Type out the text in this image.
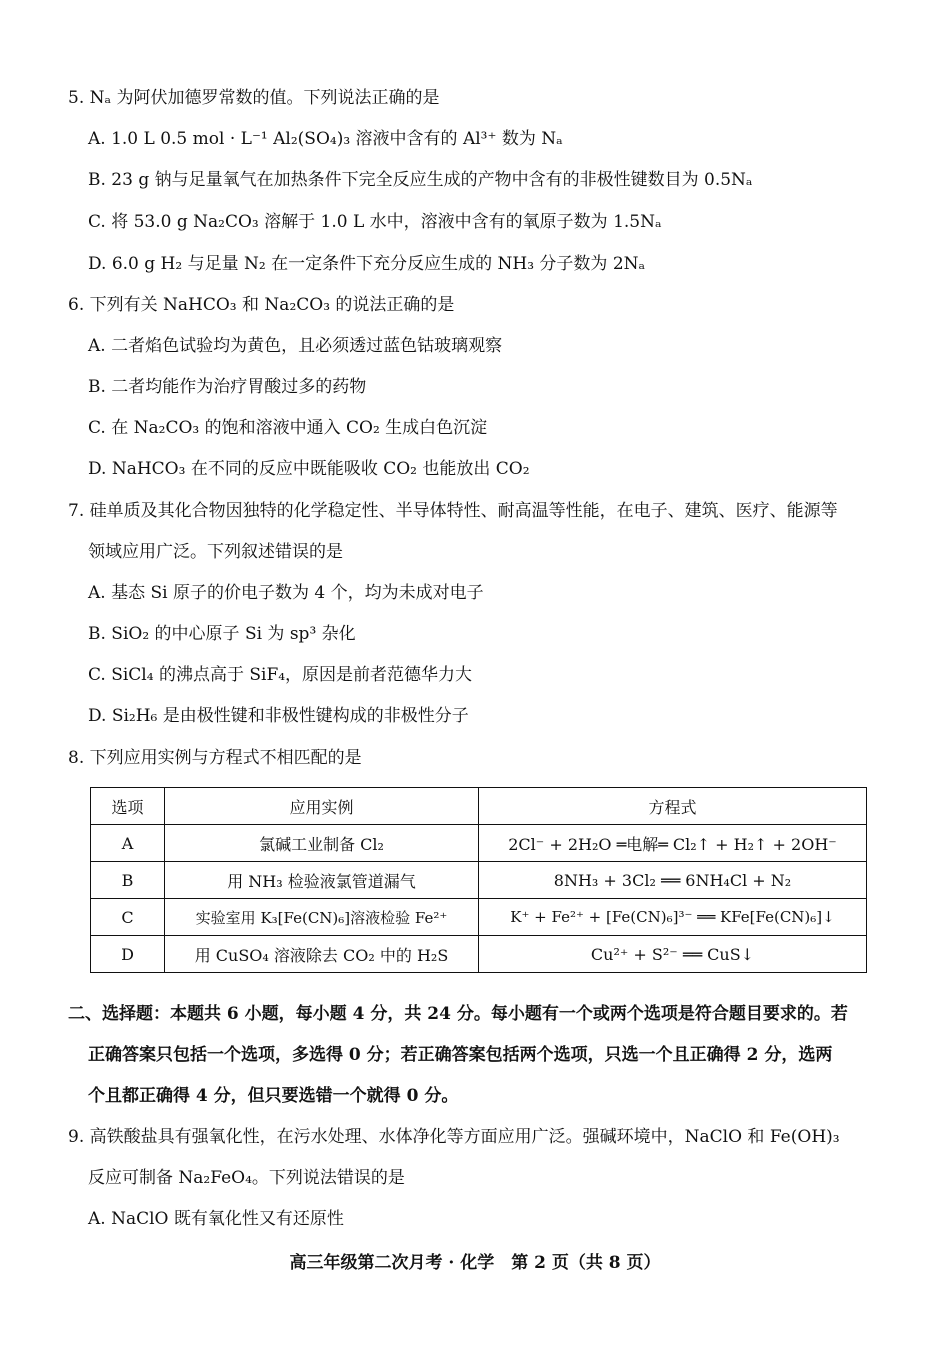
5. Nₐ 为阿伏加德罗常数的值。下列说法正确的是
A. 1.0 L 0.5 mol · L⁻¹ Al₂(SO₄)₃ 溶液中含有的 Al³⁺ 数为 Nₐ
B. 23 g 钠与足量氧气在加热条件下完全反应生成的产物中含有的非极性键数目为 0.5Nₐ
C. 将 53.0 g Na₂CO₃ 溶解于 1.0 L 水中，溶液中含有的氧原子数为 1.5Nₐ
D. 6.0 g H₂ 与足量 N₂ 在一定条件下充分反应生成的 NH₃ 分子数为 2Nₐ
6. 下列有关 NaHCO₃ 和 Na₂CO₃ 的说法正确的是
A. 二者焰色试验均为黄色，且必须透过蓝色钴玻璃观察
B. 二者均能作为治疗胃酸过多的药物
C. 在 Na₂CO₃ 的饱和溶液中通入 CO₂ 生成白色沉淀
D. NaHCO₃ 在不同的反应中既能吸收 CO₂ 也能放出 CO₂
7. 硅单质及其化合物因独特的化学稳定性、半导体特性、耐高温等性能，在电子、建筑、医疗、能源等
领域应用广泛。下列叙述错误的是
A. 基态 Si 原子的价电子数为 4 个，均为未成对电子
B. SiO₂ 的中心原子 Si 为 sp³ 杂化
C. SiCl₄ 的沸点高于 SiF₄，原因是前者范德华力大
D. Si₂H₆ 是由极性键和非极性键构成的非极性分子
8. 下列应用实例与方程式不相匹配的是
选项	应用实例	方程式
A	氯碱工业制备 Cl₂	2Cl⁻ + 2H₂O ═电解═ Cl₂↑ + H₂↑ + 2OH⁻
B	用 NH₃ 检验液氯管道漏气	8NH₃ + 3Cl₂ ══ 6NH₄Cl + N₂
C	实验室用 K₃[Fe(CN)₆]溶液检验 Fe²⁺	K⁺ + Fe²⁺ + [Fe(CN)₆]³⁻ ══ KFe[Fe(CN)₆]↓
D	用 CuSO₄ 溶液除去 CO₂ 中的 H₂S	Cu²⁺ + S²⁻ ══ CuS↓
二、选择题：本题共 6 小题，每小题 4 分，共 24 分。每小题有一个或两个选项是符合题目要求的。若
正确答案只包括一个选项，多选得 0 分；若正确答案包括两个选项，只选一个且正确得 2 分，选两
个且都正确得 4 分，但只要选错一个就得 0 分。
9. 高铁酸盐具有强氧化性，在污水处理、水体净化等方面应用广泛。强碱环境中，NaClO 和 Fe(OH)₃
反应可制备 Na₂FeO₄。下列说法错误的是
A. NaClO 既有氧化性又有还原性
高三年级第二次月考 · 化学　第 2 页（共 8 页）
